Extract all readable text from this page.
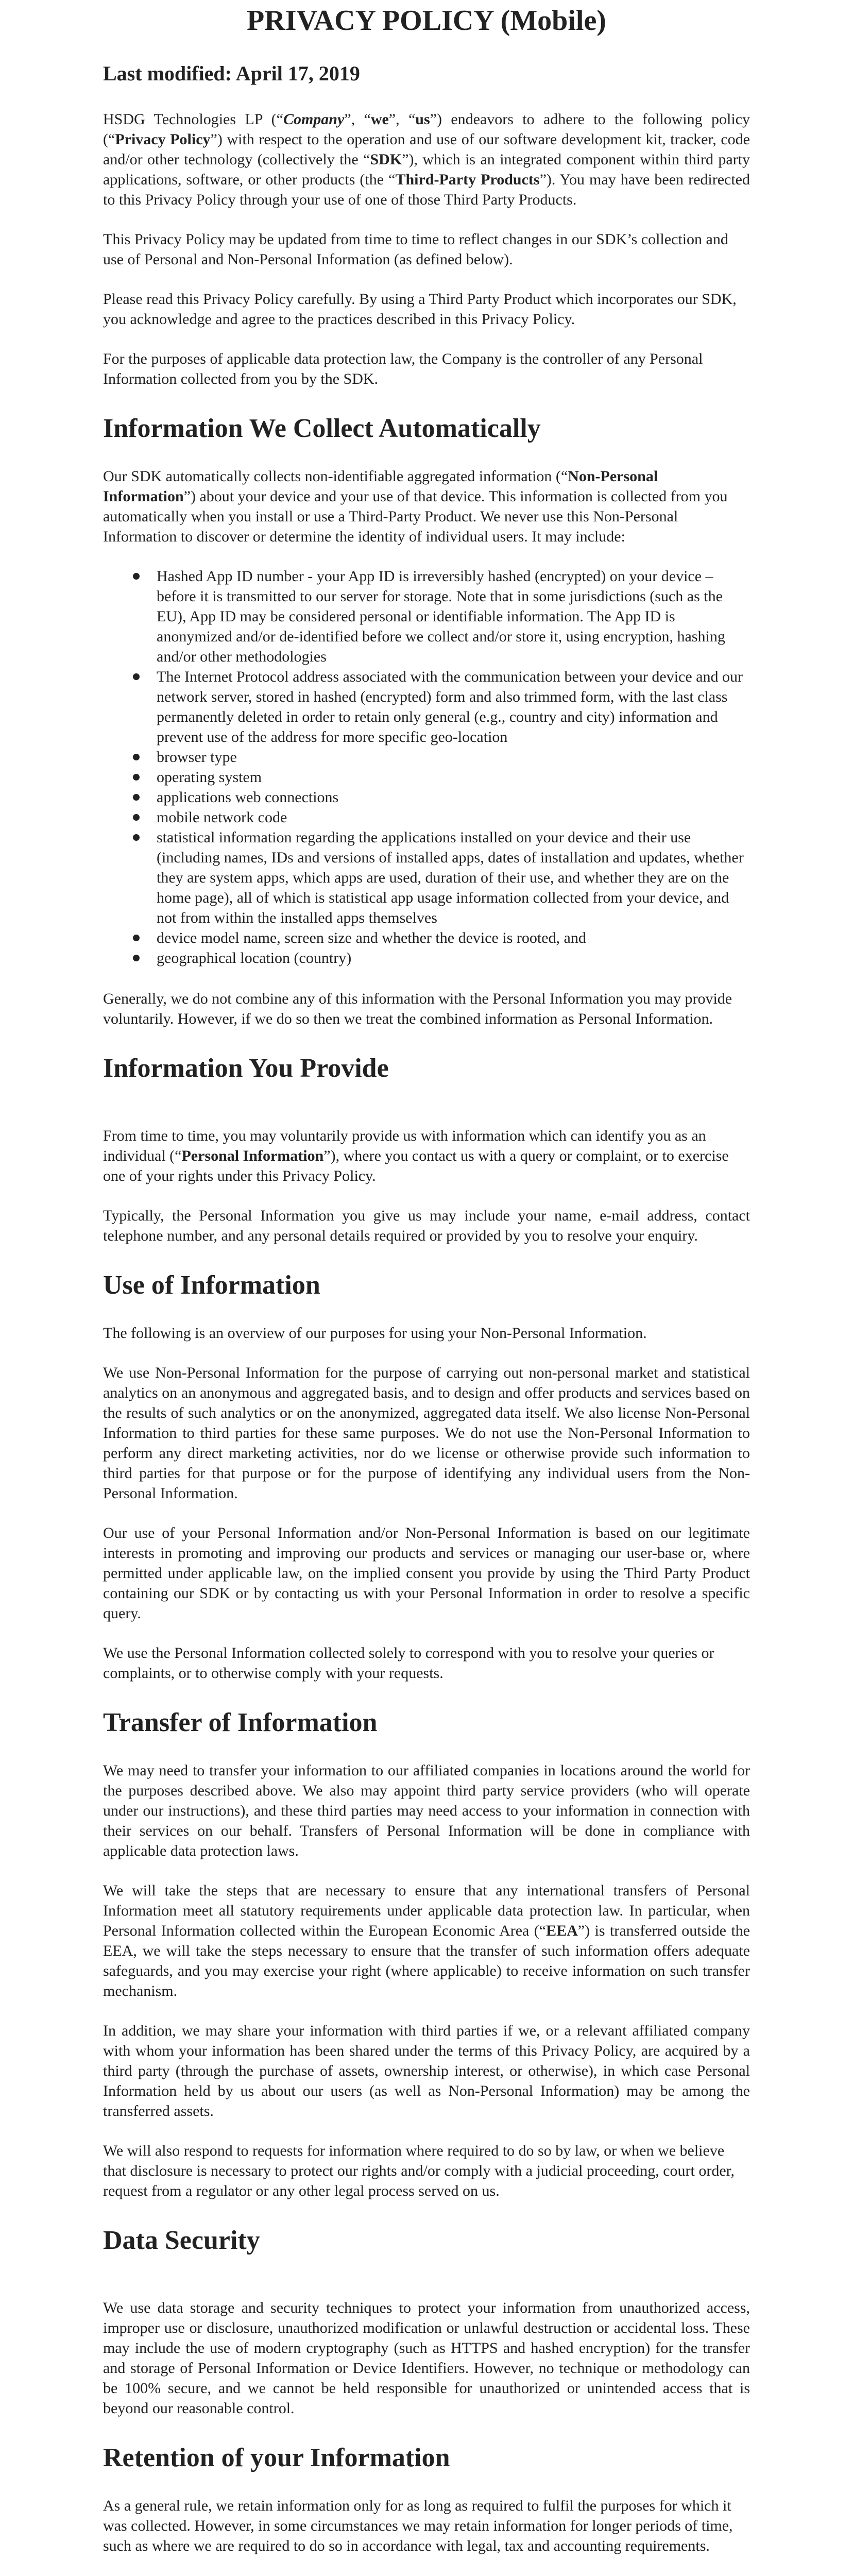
PRIVACY POLICY (Mobile)
Last modified: April 17, 2019

HSDG Technologies LP (“Company”, “we”, “us”) endeavors to adhere to the following policy (“Privacy Policy”) with respect to the operation and use of our software development kit, tracker, code and/or other technology (collectively the “SDK”), which is an integrated component within third party applications, software, or other products (the “Third-Party Products”). You may have been redirected to this Privacy Policy through your use of one of those Third Party Products.

This Privacy Policy may be updated from time to time to reflect changes in our SDK’s collection and use of Personal and Non-Personal Information (as defined below).

Please read this Privacy Policy carefully. By using a Third Party Product which incorporates our SDK, you acknowledge and agree to the practices described in this Privacy Policy.

For the purposes of applicable data protection law, the Company is the controller of any Personal Information collected from you by the SDK.

Information We Collect Automatically

Our SDK automatically collects non-identifiable aggregated information (“Non-Personal Information”) about your device and your use of that device. This information is collected from you automatically when you install or use a Third-Party Product. We never use this Non-Personal Information to discover or determine the identity of individual users. It may include:

Hashed App ID number - your App ID is irreversibly hashed (encrypted) on your device – before it is transmitted to our server for storage. Note that in some jurisdictions (such as the EU), App ID may be considered personal or identifiable information. The App ID is anonymized and/or de-identified before we collect and/or store it, using encryption, hashing and/or other methodologies
The Internet Protocol address associated with the communication between your device and our network server, stored in hashed (encrypted) form and also trimmed form, with the last class permanently deleted in order to retain only general (e.g., country and city) information and prevent use of the address for more specific geo-location
browser type
operating system
applications web connections
mobile network code
statistical information regarding the applications installed on your device and their use (including names, IDs and versions of installed apps, dates of installation and updates, whether they are system apps, which apps are used, duration of their use, and whether they are on the home page), all of which is statistical app usage information collected from your device, and not from within the installed apps themselves
device model name, screen size and whether the device is rooted, and
geographical location (country)

Generally, we do not combine any of this information with the Personal Information you may provide voluntarily. However, if we do so then we treat the combined information as Personal Information.

Information You Provide

From time to time, you may voluntarily provide us with information which can identify you as an individual (“Personal Information”), where you contact us with a query or complaint, or to exercise one of your rights under this Privacy Policy.

Typically, the Personal Information you give us may include your name, e-mail address, contact telephone number, and any personal details required or provided by you to resolve your enquiry.

Use of Information

The following is an overview of our purposes for using your Non-Personal Information.

We use Non-Personal Information for the purpose of carrying out non-personal market and statistical analytics on an anonymous and aggregated basis, and to design and offer products and services based on the results of such analytics or on the anonymized, aggregated data itself. We also license Non-Personal Information to third parties for these same purposes. We do not use the Non-Personal Information to perform any direct marketing activities, nor do we license or otherwise provide such information to third parties for that purpose or for the purpose of identifying any individual users from the Non-Personal Information.

Our use of your Personal Information and/or Non-Personal Information is based on our legitimate interests in promoting and improving our products and services or managing our user-base or, where permitted under applicable law, on the implied consent you provide by using the Third Party Product containing our SDK or by contacting us with your Personal Information in order to resolve a specific query.

We use the Personal Information collected solely to correspond with you to resolve your queries or complaints, or to otherwise comply with your requests.

Transfer of Information

We may need to transfer your information to our affiliated companies in locations around the world for the purposes described above. We also may appoint third party service providers (who will operate under our instructions), and these third parties may need access to your information in connection with their services on our behalf. Transfers of Personal Information will be done in compliance with applicable data protection laws.

We will take the steps that are necessary to ensure that any international transfers of Personal Information meet all statutory requirements under applicable data protection law. In particular, when Personal Information collected within the European Economic Area (“EEA”) is transferred outside the EEA, we will take the steps necessary to ensure that the transfer of such information offers adequate safeguards, and you may exercise your right (where applicable) to receive information on such transfer mechanism.

In addition, we may share your information with third parties if we, or a relevant affiliated company with whom your information has been shared under the terms of this Privacy Policy, are acquired by a third party (through the purchase of assets, ownership interest, or otherwise), in which case Personal Information held by us about our users (as well as Non-Personal Information) may be among the transferred assets.

We will also respond to requests for information where required to do so by law, or when we believe that disclosure is necessary to protect our rights and/or comply with a judicial proceeding, court order, request from a regulator or any other legal process served on us.

Data Security

We use data storage and security techniques to protect your information from unauthorized access, improper use or disclosure, unauthorized modification or unlawful destruction or accidental loss. These may include the use of modern cryptography (such as HTTPS and hashed encryption) for the transfer and storage of Personal Information or Device Identifiers. However, no technique or methodology can be 100% secure, and we cannot be held responsible for unauthorized or unintended access that is beyond our reasonable control.

Retention of your Information

As a general rule, we retain information only for as long as required to fulfil the purposes for which it was collected. However, in some circumstances we may retain information for longer periods of time, such as where we are required to do so in accordance with legal, tax and accounting requirements.
